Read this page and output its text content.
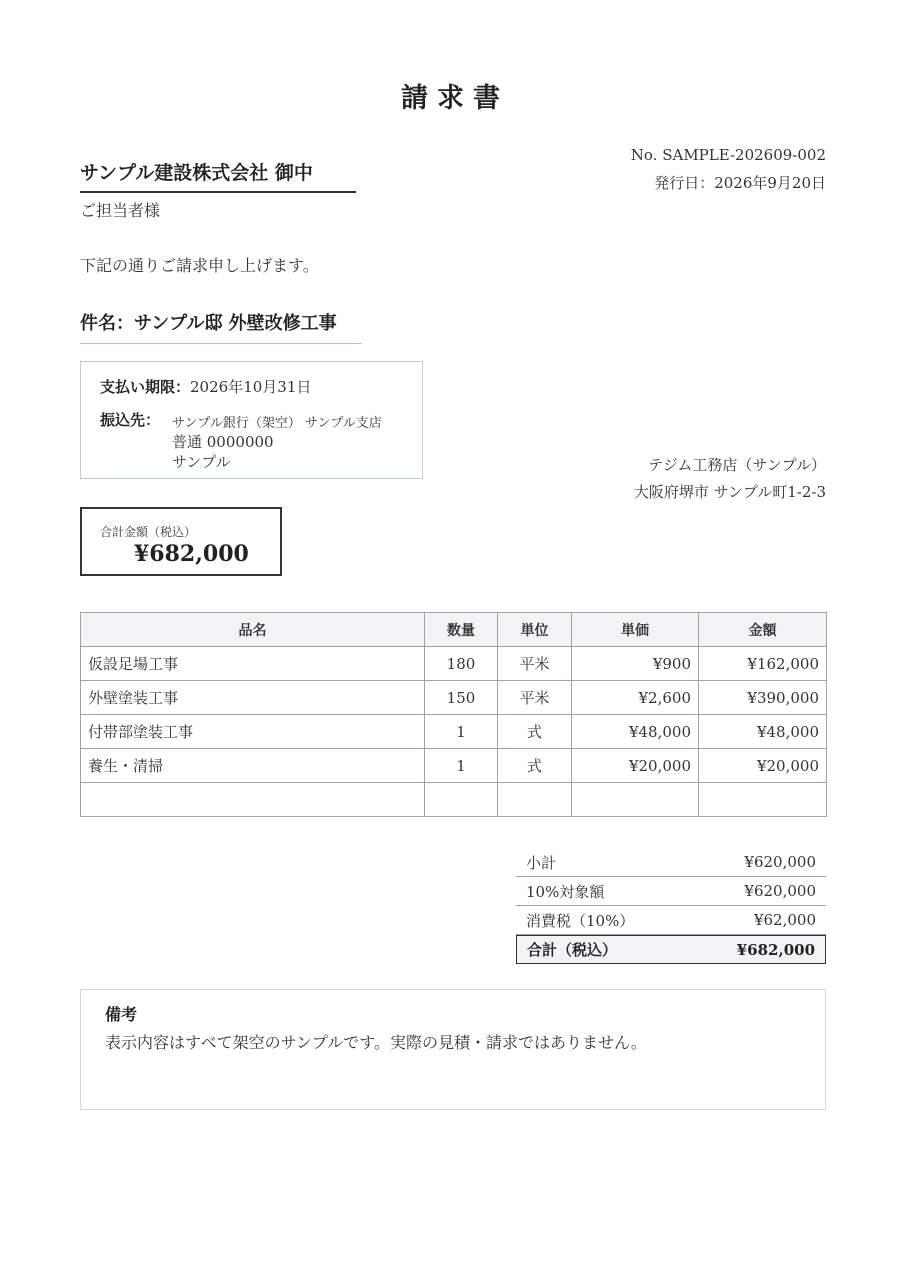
請求書
No. SAMPLE-202609-002
発行日：2026年9月20日
サンプル建設株式会社 御中
ご担当者様
下記の通りご請求申し上げます。
件名：サンプル邸 外壁改修工事
支払い期限：2026年10月31日
振込先： サンプル銀行（架空） サンプル支店
普通 0000000
サンプル	テジム工務店（サンプル）
大阪府堺市 サンプル町1-2-3
合計金額（税込）
¥682,000
品名	数量	単位	単価	金額
仮設足場工事	180	平米	¥900	¥162,000
外壁塗装工事	150	平米	¥2,600	¥390,000
付帯部塗装工事	1	式	¥48,000	¥48,000
養生・清掃	1	式	¥20,000	¥20,000

小計	¥620,000
10%対象額	¥620,000
消費税（10%）	¥62,000
合計（税込）	¥682,000
備考
表示内容はすべて架空のサンプルです。実際の見積・請求ではありません。
